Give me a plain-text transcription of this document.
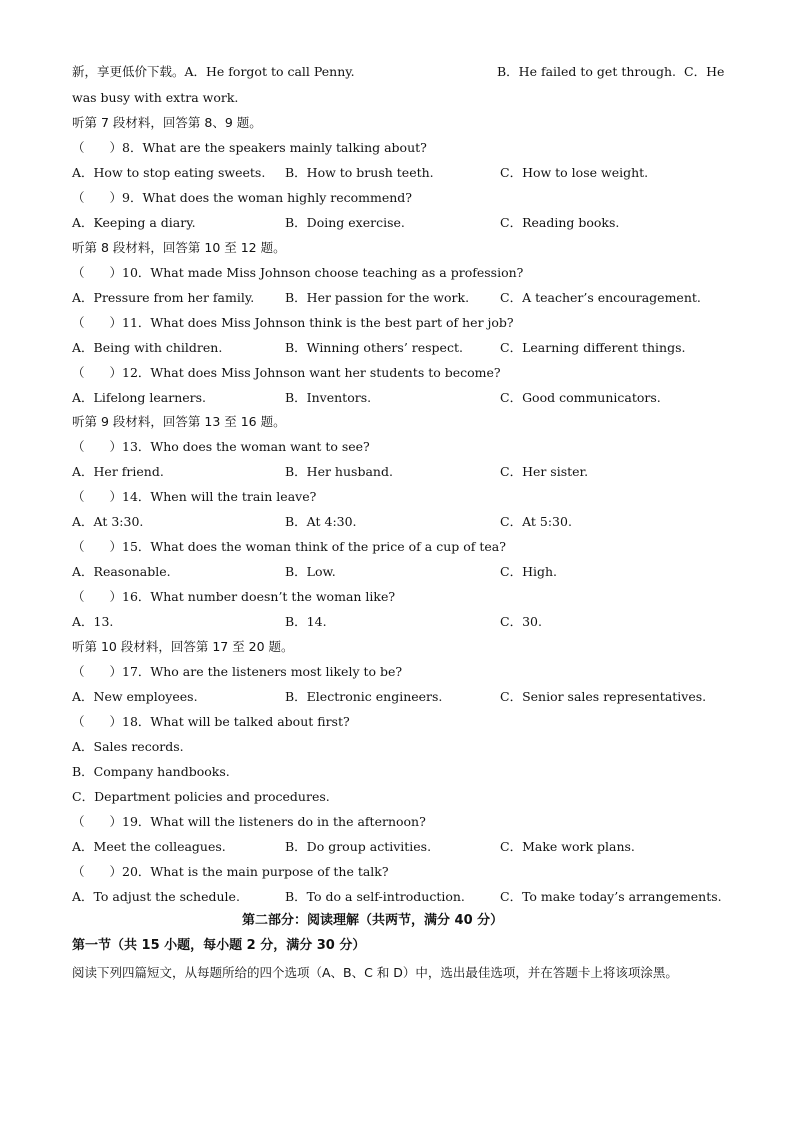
新，享更低价下载。A．He forgot to call Penny.	B．He failed to get through. C．He
was busy with extra work.
听第 7 段材料，回答第 8、9 题。
（　　）8．What are the speakers mainly talking about?
A．How to stop eating sweets. B．How to brush teeth.	C．How to lose weight.
（　　）9．What does the woman highly recommend?
A．Keeping a diary.	B．Doing exercise.	C．Reading books.
听第 8 段材料，回答第 10 至 12 题。
（　　）10．What made Miss Johnson choose teaching as a profession?
A．Pressure from her family. B．Her passion for the work. C．A teacher’s encouragement.
（　　）11．What does Miss Johnson think is the best part of her job?
A．Being with children.	B．Winning others’ respect.	C．Learning different things.
（　　）12．What does Miss Johnson want her students to become?
A．Lifelong learners.	B．Inventors.	C．Good communicators.
听第 9 段材料，回答第 13 至 16 题。
（　　）13．Who does the woman want to see?
A．Her friend.	B．Her husband.	C．Her sister.
（　　）14．When will the train leave?
A．At 3:30.	B．At 4:30.	C．At 5:30.
（　　）15．What does the woman think of the price of a cup of tea?
A．Reasonable.	B．Low.	C．High.
（　　）16．What number doesn’t the woman like?
A．13.	B．14.	C．30.
听第 10 段材料，回答第 17 至 20 题。
（　　）17．Who are the listeners most likely to be?
A．New employees.	B．Electronic engineers.	C．Senior sales representatives.
（　　）18．What will be talked about first?
A．Sales records.
B．Company handbooks.
C．Department policies and procedures.
（　　）19．What will the listeners do in the afternoon?
A．Meet the colleagues.	B．Do group activities.	C．Make work plans.
（　　）20．What is the main purpose of the talk?
A．To adjust the schedule.	B．To do a self-introduction.	C．To make today’s arrangements.
第二部分：阅读理解（共两节，满分 40 分）
第一节（共 15 小题，每小题 2 分，满分 30 分）
阅读下列四篇短文，从每题所给的四个选项（A、B、C 和 D）中，选出最佳选项，并在答题卡上将该项涂黑。
